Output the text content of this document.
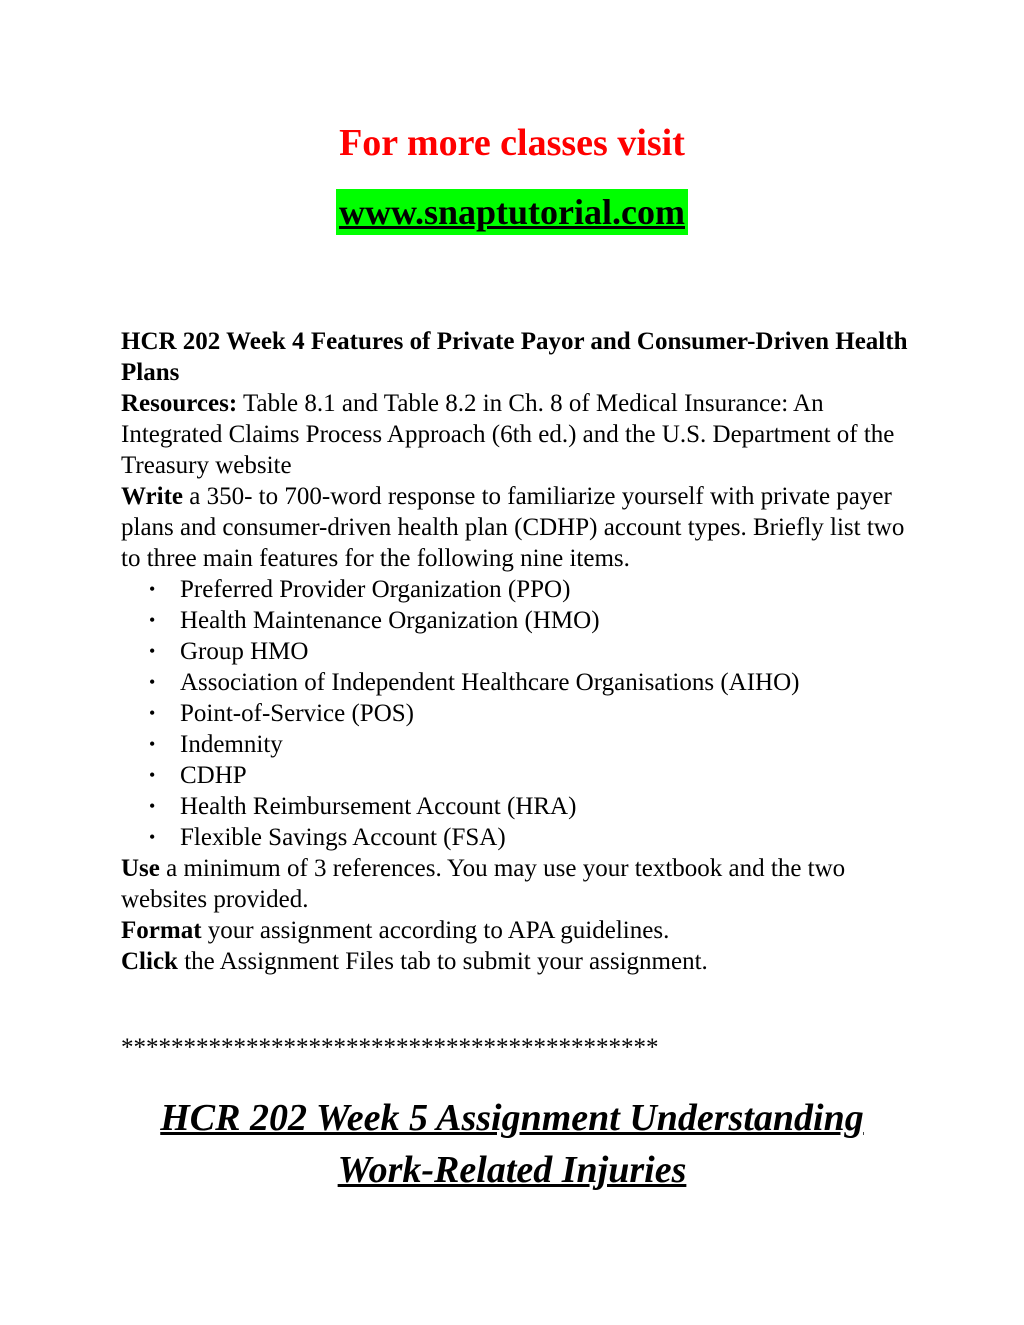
For more classes visit
www.snaptutorial.com

HCR 202 Week 4 Features of Private Payor and Consumer-Driven Health Plans

Resources: Table 8.1 and Table 8.2 in Ch. 8 of Medical Insurance: An Integrated Claims Process Approach (6th ed.) and the U.S. Department of the Treasury website

Write a 350- to 700-word response to familiarize yourself with private payer plans and consumer-driven health plan (CDHP) account types. Briefly list two to three main features for the following nine items.

• Preferred Provider Organization (PPO)
• Health Maintenance Organization (HMO)
• Group HMO
• Association of Independent Healthcare Organisations (AIHO)
• Point-of-Service (POS)
• Indemnity
• CDHP
• Health Reimbursement Account (HRA)
• Flexible Savings Account (FSA)

Use a minimum of 3 references. You may use your textbook and the two websites provided.

Format your assignment according to APA guidelines.

Click the Assignment Files tab to submit your assignment.

*******************************************
HCR 202 Week 5 Assignment Understanding
Work-Related Injuries
